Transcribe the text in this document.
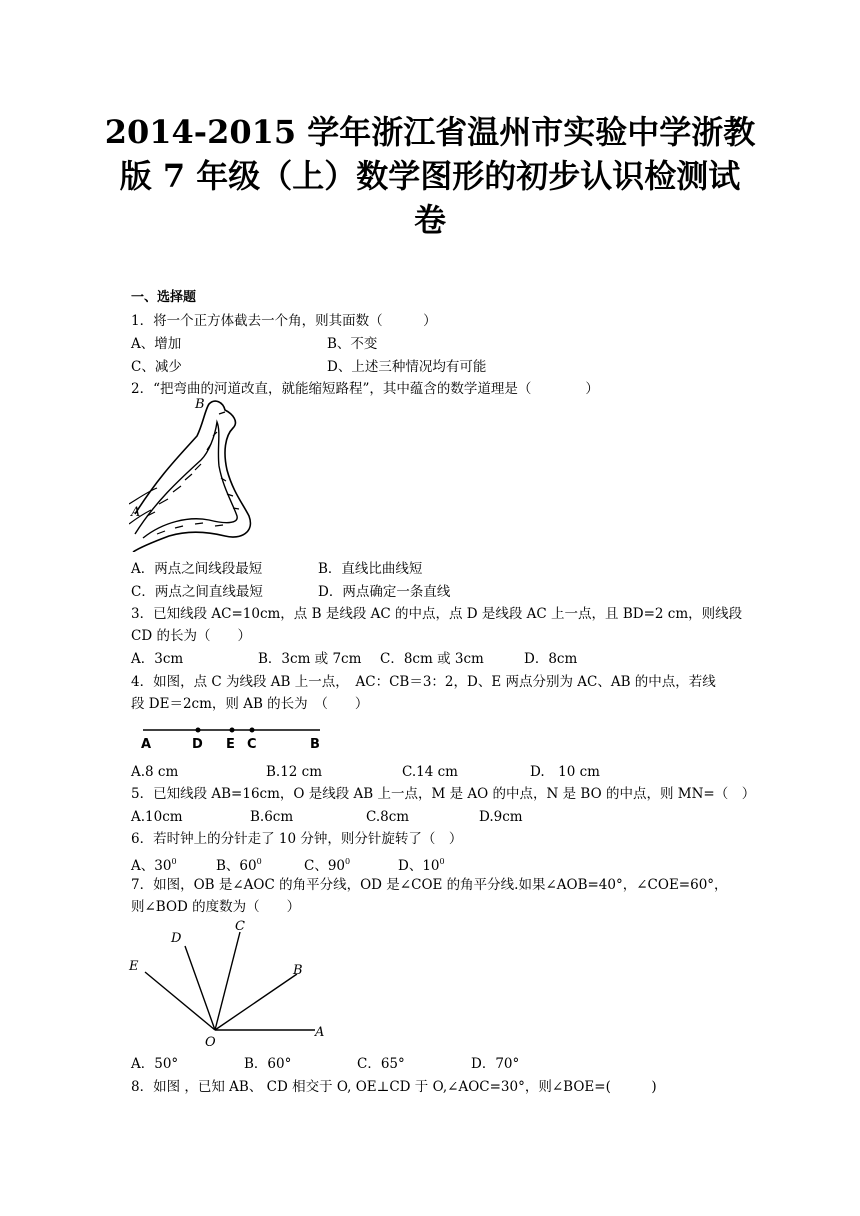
2014-2015 学年浙江省温州市实验中学浙教
版 7 年级（上）数学图形的初步认识检测试
卷
一、选择题
1．将一个正方体截去一个角，则其面数（　　　）
A、增加	B、不变
C、减少	D、上述三种情况均有可能
2．“把弯曲的河道改直，就能缩短路程”，其中蕴含的数学道理是（　　　　）
B
A
A．两点之间线段最短	B．直线比曲线短
C．两点之间直线最短	D．两点确定一条直线
3．已知线段 AC=10cm，点 B 是线段 AC 的中点，点 D 是线段 AC 上一点，且 BD=2 cm，则线段
CD 的长为（　　）
A．3cm	B．3cm 或 7cm C．8cm 或 3cm	D．8cm
4．如图，点 C 为线段 AB 上一点，　AC：CB＝3：2，D、E 两点分别为 AC、AB 的中点，若线
段 DE＝2cm，则 AB 的长为　（　　）
A	D E C	B
A.8 cm	B.12 cm	C.14 cm	D.　10 cm
5．已知线段 AB=16cm，O 是线段 AB 上一点，M 是 AO 的中点，N 是 BO 的中点，则 MN=（　）
A.10cm	B.6cm	C.8cm	D.9cm
6．若时钟上的分针走了 10 分钟，则分针旋转了（　）
A、$30^0$	B、$60^0$	C、$90^0$	D、$10^0$
7．如图，OB 是∠AOC 的角平分线，OD 是∠COE 的角平分线.如果∠AOB=40°，∠COE=60°，
则∠BOD 的度数为（　　）
D
C
E	B
O
A
A．50°	B．60°	C．65°	D．70°
8．如图 ，已知 AB、 CD 相交于 O, OE⊥CD 于 O,∠AOC=30°，则∠BOE=(　　　)
